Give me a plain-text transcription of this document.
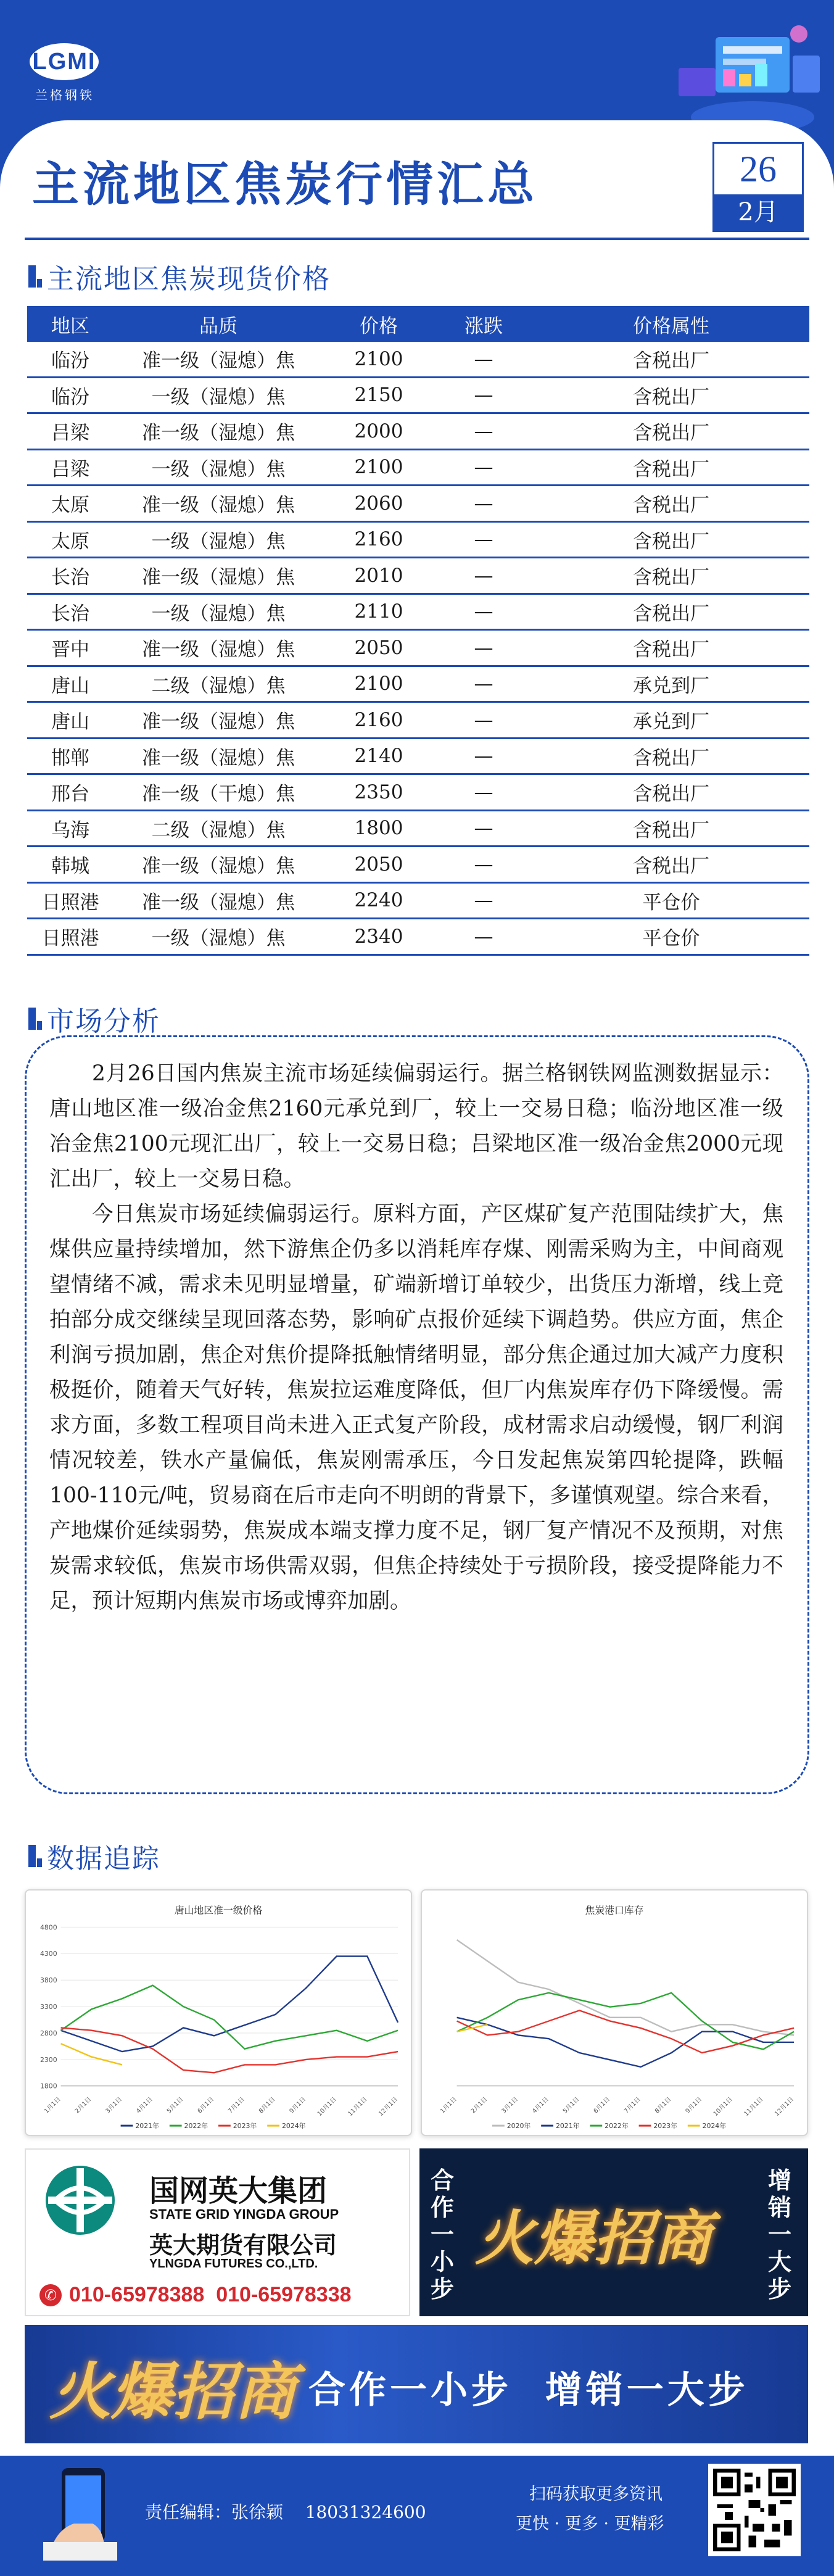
LGMI
兰格钢铁
主流地区焦炭行情汇总	26
2月
主流地区焦炭现货价格
地区	品质	价格	涨跌	价格属性
临汾	准一级（湿熄）焦	2100	—	含税出厂
临汾	一级（湿熄）焦	2150	—	含税出厂
吕梁	准一级（湿熄）焦	2000	—	含税出厂
吕梁	一级（湿熄）焦	2100	—	含税出厂
太原	准一级（湿熄）焦	2060	—	含税出厂
太原	一级（湿熄）焦	2160	—	含税出厂
长治	准一级（湿熄）焦	2010	—	含税出厂
长治	一级（湿熄）焦	2110	—	含税出厂
晋中	准一级（湿熄）焦	2050	—	含税出厂
唐山	二级（湿熄）焦	2100	—	承兑到厂
唐山	准一级（湿熄）焦	2160	—	承兑到厂
邯郸	准一级（湿熄）焦	2140	—	含税出厂
邢台	准一级（干熄）焦	2350	—	含税出厂
乌海	二级（湿熄）焦	1800	—	含税出厂
韩城	准一级（湿熄）焦	2050	—	含税出厂
日照港	准一级（湿熄）焦	2240	—	平仓价
日照港	一级（湿熄）焦	2340	—	平仓价
市场分析
2月26日国内焦炭主流市场延续偏弱运行。据兰格钢铁网监测数据显示：唐山地区准一级冶金焦2160元承兑到厂，较上一交易日稳；临汾地区准一级冶金焦2100元现汇出厂，较上一交易日稳；吕梁地区准一级冶金焦2000元现汇出厂，较上一交易日稳。
今日焦炭市场延续偏弱运行。原料方面，产区煤矿复产范围陆续扩大，焦煤供应量持续增加，然下游焦企仍多以消耗库存煤、刚需采购为主，中间商观望情绪不减，需求未见明显增量，矿端新增订单较少，出货压力渐增，线上竞拍部分成交继续呈现回落态势，影响矿点报价延续下调趋势。供应方面，焦企利润亏损加剧，焦企对焦价提降抵触情绪明显，部分焦企通过加大减产力度积极挺价，随着天气好转，焦炭拉运难度降低，但厂内焦炭库存仍下降缓慢。需求方面，多数工程项目尚未进入正式复产阶段，成材需求启动缓慢，钢厂利润情况较差，铁水产量偏低，焦炭刚需承压，今日发起焦炭第四轮提降，跌幅100-110元/吨，贸易商在后市走向不明朗的背景下，多谨慎观望。综合来看，产地煤价延续弱势，焦炭成本端支撑力度不足，钢厂复产情况不及预期，对焦炭需求较低，焦炭市场供需双弱，但焦企持续处于亏损阶段，接受提降能力不足，预计短期内焦炭市场或博弈加剧。
数据追踪
唐山地区准一级价格
1800
2300
2800
3300
3800
4300
4800
1月1日 2月1日 3月1日 4月1日 5月1日 6月1日 7月1日 8月1日 9月1日 10月1日 11月1日 12月1日
2021年	2022年	2023年	2024年
焦炭港口库存
1月1日 2月1日 3月1日 4月1日 5月1日 6月1日 7月1日 8月1日 9月1日 10月1日 11月1日 12月1日
2020年	2021年	2022年	2023年	2024年
国网英大集团
STATE GRID YINGDA GROUP
英大期货有限公司
YLNGDA FUTURES CO.,LTD.
✆ 010-65978388  010-65978338
合作一小步
火爆招商
增销一大步
火爆招商 合作一小步  增销一大步
责任编辑：张徐颖    18031324600
扫码获取更多资讯
更快 · 更多 · 更精彩
